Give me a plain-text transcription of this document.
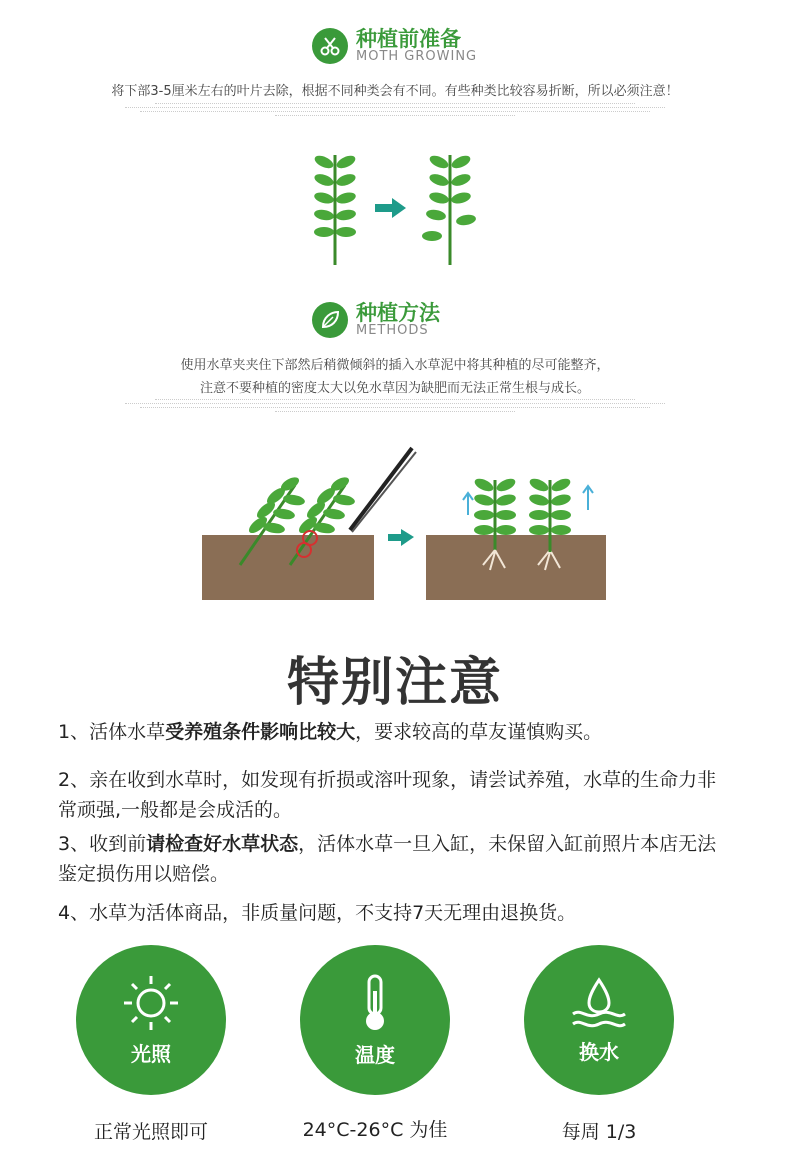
种植前准备
MOTH GROWING
将下部3-5厘米左右的叶片去除，根据不同种类会有不同。有些种类比较容易折断，所以必须注意！
种植方法
METHODS
使用水草夹夹住下部然后稍微倾斜的插入水草泥中将其种植的尽可能整齐，
注意不要种植的密度太大以免水草因为缺肥而无法正常生根与成长。
特别注意
1、活体水草受养殖条件影响比较大，要求较高的草友谨慎购买。
2、亲在收到水草时，如发现有折损或溶叶现象，请尝试养殖，水草的生命力非常顽强,一般都是会成活的。
3、收到前请检查好水草状态，活体水草一旦入缸，未保留入缸前照片本店无法鉴定损伤用以赔偿。
4、水草为活体商品，非质量问题，不支持7天无理由退换货。
光照	温度	换水
正常光照即可	24°C-26°C 为佳	每周 1/3
